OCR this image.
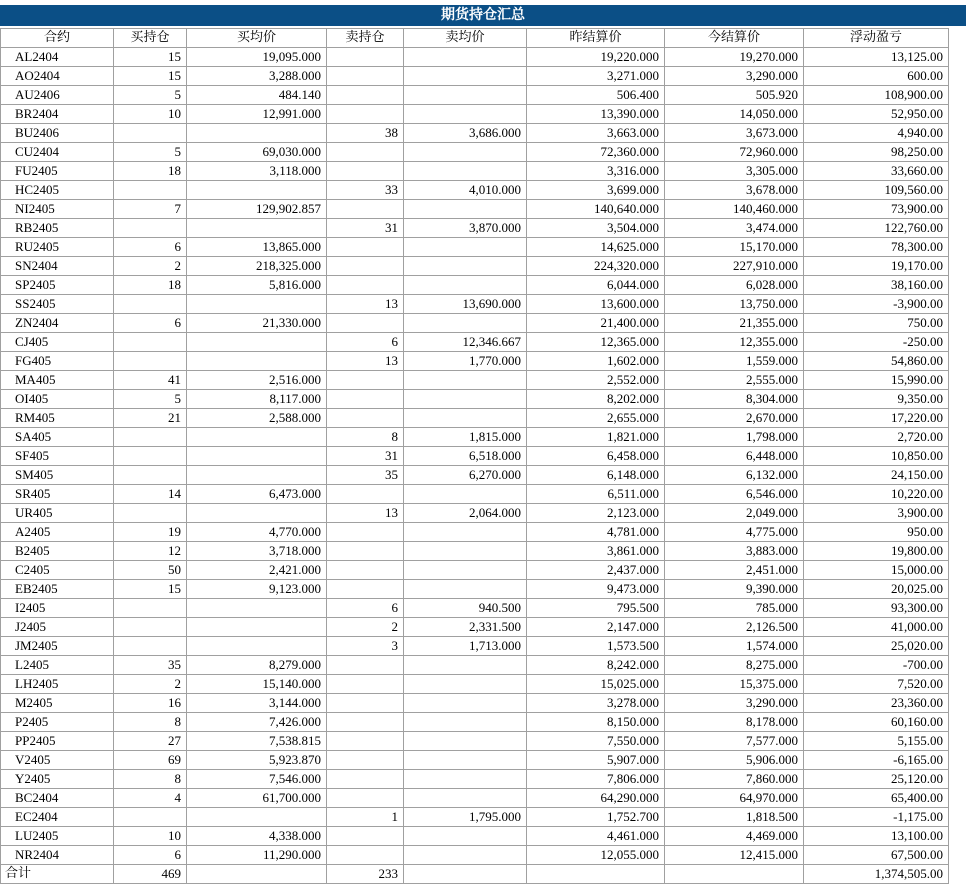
期货持仓汇总
合约	买持仓	买均价	卖持仓	卖均价	昨结算价	今结算价	浮动盈亏
AL2404	15	19,095.000			19,220.000	19,270.000	13,125.00
AO2404	15	3,288.000			3,271.000	3,290.000	600.00
AU2406	5	484.140			506.400	505.920	108,900.00
BR2404	10	12,991.000			13,390.000	14,050.000	52,950.00
BU2406			38	3,686.000	3,663.000	3,673.000	4,940.00
CU2404	5	69,030.000			72,360.000	72,960.000	98,250.00
FU2405	18	3,118.000			3,316.000	3,305.000	33,660.00
HC2405			33	4,010.000	3,699.000	3,678.000	109,560.00
NI2405	7	129,902.857			140,640.000	140,460.000	73,900.00
RB2405			31	3,870.000	3,504.000	3,474.000	122,760.00
RU2405	6	13,865.000			14,625.000	15,170.000	78,300.00
SN2404	2	218,325.000			224,320.000	227,910.000	19,170.00
SP2405	18	5,816.000			6,044.000	6,028.000	38,160.00
SS2405			13	13,690.000	13,600.000	13,750.000	-3,900.00
ZN2404	6	21,330.000			21,400.000	21,355.000	750.00
CJ405			6	12,346.667	12,365.000	12,355.000	-250.00
FG405			13	1,770.000	1,602.000	1,559.000	54,860.00
MA405	41	2,516.000			2,552.000	2,555.000	15,990.00
OI405	5	8,117.000			8,202.000	8,304.000	9,350.00
RM405	21	2,588.000			2,655.000	2,670.000	17,220.00
SA405			8	1,815.000	1,821.000	1,798.000	2,720.00
SF405			31	6,518.000	6,458.000	6,448.000	10,850.00
SM405			35	6,270.000	6,148.000	6,132.000	24,150.00
SR405	14	6,473.000			6,511.000	6,546.000	10,220.00
UR405			13	2,064.000	2,123.000	2,049.000	3,900.00
A2405	19	4,770.000			4,781.000	4,775.000	950.00
B2405	12	3,718.000			3,861.000	3,883.000	19,800.00
C2405	50	2,421.000			2,437.000	2,451.000	15,000.00
EB2405	15	9,123.000			9,473.000	9,390.000	20,025.00
I2405			6	940.500	795.500	785.000	93,300.00
J2405			2	2,331.500	2,147.000	2,126.500	41,000.00
JM2405			3	1,713.000	1,573.500	1,574.000	25,020.00
L2405	35	8,279.000			8,242.000	8,275.000	-700.00
LH2405	2	15,140.000			15,025.000	15,375.000	7,520.00
M2405	16	3,144.000			3,278.000	3,290.000	23,360.00
P2405	8	7,426.000			8,150.000	8,178.000	60,160.00
PP2405	27	7,538.815			7,550.000	7,577.000	5,155.00
V2405	69	5,923.870			5,907.000	5,906.000	-6,165.00
Y2405	8	7,546.000			7,806.000	7,860.000	25,120.00
BC2404	4	61,700.000			64,290.000	64,970.000	65,400.00
EC2404			1	1,795.000	1,752.700	1,818.500	-1,175.00
LU2405	10	4,338.000			4,461.000	4,469.000	13,100.00
NR2404	6	11,290.000			12,055.000	12,415.000	67,500.00
合计	469		233				1,374,505.00
